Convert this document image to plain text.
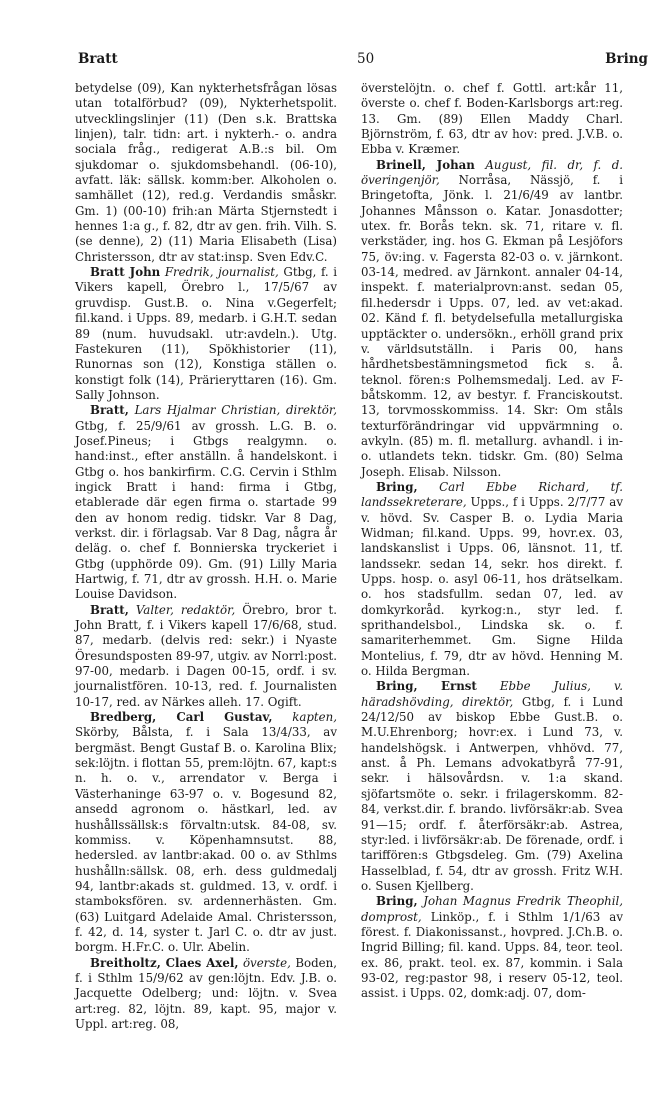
Bratt	50	Bring

betydelse (09), Kan nykterhetsfrågan lösas utan totalförbud? (09), Nykterhetspolit. utvecklingslinjer (11) (Den s.k. Brattska linjen), talr. tidn: art. i nykterh.- o. andra sociala fråg., redigerat A.B.:s bil. Om sjukdomar o. sjukdomsbehandl. (06-10), avfatt. läk: sällsk. komm:ber. Alkoholen o. samhället (12), red.g. Verdandis småskr. Gm. 1) (00-10) frih:an Märta Stjernstedt i hennes 1:a g., f. 82, dtr av gen. frih. Vilh. S. (se denne), 2) (11) Maria Elisabeth (Lisa) Christersson, dtr av stat:insp. Sven Edv.C.

Bratt John Fredrik, journalist, Gtbg, f. i Vikers kapell, Örebro l., 17/5/67 av gruvdisp. Gust.B. o. Nina v.Gegerfelt; fil.kand. i Upps. 89, medarb. i G.H.T. sedan 89 (num. huvudsakl. utr:avdeln.). Utg. Fastekuren (11), Spökhistorier (11), Runornas son (12), Konstiga ställen o. konstigt folk (14), Prärieryttaren (16). Gm. Sally Johnson.

Bratt, Lars Hjalmar Christian, direktör, Gtbg, f. 25/9/61 av grossh. L.G. B. o. Josef.Pineus; i Gtbgs realgymn. o. hand:inst., efter anställn. å handelskont. i Gtbg o. hos bankirfirm. C.G. Cervin i Sthlm ingick Bratt i hand: firma i Gtbg, etablerade där egen firma o. startade 99 den av honom redig. tidskr. Var 8 Dag, verkst. dir. i förlagsab. Var 8 Dag, några år deläg. o. chef f. Bonnierska tryckeriet i Gtbg (upphörde 09). Gm. (91) Lilly Maria Hartwig, f. 71, dtr av grossh. H.H. o. Marie Louise Davidson.

Bratt, Valter, redaktör, Örebro, bror t. John Bratt, f. i Vikers kapell 17/6/68, stud. 87, medarb. (delvis red: sekr.) i Nyaste Öresundsposten 89-97, utgiv. av Norrl:post. 97-00, medarb. i Dagen 00-15, ordf. i sv. journalistfören. 10-13, red. f. Journalisten 10-17, red. av Närkes alleh. 17. Ogift.

Bredberg, Carl Gustav, kapten, Skörby, Bålsta, f. i Sala 13/4/33, av bergmäst. Bengt Gustaf B. o. Karolina Blix; sek:löjtn. i flottan 55, prem:löjtn. 67, kapt:s n. h. o. v., arrendator v. Berga i Västerhaninge 63-97 o. v. Bogesund 82, ansedd agronom o. hästkarl, led. av hushållssällsk:s förvaltn:utsk. 84-08, sv. kommiss. v. Köpenhamnsutst. 88, hedersled. av lantbr:akad. 00 o. av Sthlms hushålln:sällsk. 08, erh. dess guldmedalj 94, lantbr:akads st. guldmed. 13, v. ordf. i stamboksfören. sv. ardennerhästen. Gm. (63) Luitgard Adelaide Amal. Christersson, f. 42, d. 14, syster t. Jarl C. o. dtr av just. borgm. H.Fr.C. o. Ulr. Abelin.

Breitholtz, Claes Axel, överste, Boden, f. i Sthlm 15/9/62 av gen:löjtn. Edv. J.B. o. Jacquette Odelberg; und: löjtn. v. Svea art:reg. 82, löjtn. 89, kapt. 95, major v. Uppl. art:reg. 08,

överstelöjtn. o. chef f. Gottl. art:kår 11, överste o. chef f. Boden-Karlsborgs art:reg. 13. Gm. (89) Ellen Maddy Charl. Björnström, f. 63, dtr av hov: pred. J.V.B. o. Ebba v. Kræmer.

Brinell, Johan August, fil. dr, f. d. överingenjör, Norråsa, Nässjö, f. i Bringetofta, Jönk. l. 21/6/49 av lantbr. Johannes Månsson o. Katar. Jonasdotter; utex. fr. Borås tekn. sk. 71, ritare v. fl. verkstäder, ing. hos G. Ekman på Lesjöfors 75, öv:ing. v. Fagersta 82-03 o. v. järnkont. 03-14, medred. av Järnkont. annaler 04-14, inspekt. f. materialprovn:anst. sedan 05, fil.hedersdr i Upps. 07, led. av vet:akad. 02. Känd f. fl. betydelsefulla metallurgiska upptäckter o. undersökn., erhöll grand prix v. världsutställn. i Paris 00, hans hårdhetsbestämningsmetod fick s. å. teknol. fören:s Polhemsmedalj. Led. av F-båtskomm. 12, av bestyr. f. Franciskoutst. 13, torvmosskommiss. 14. Skr: Om ståls texturförändringar vid uppvärmning o. avkyln. (85) m. fl. metallurg. avhandl. i in- o. utlandets tekn. tidskr. Gm. (80) Selma Joseph. Elisab. Nilsson.

Bring, Carl Ebbe Richard, tf. landssekreterare, Upps., f i Upps. 2/7/77 av v. hövd. Sv. Casper B. o. Lydia Maria Widman; fil.kand. Upps. 99, hovr.ex. 03, landskanslist i Upps. 06, länsnot. 11, tf. landssekr. sedan 14, sekr. hos direkt. f. Upps. hosp. o. asyl 06-11, hos drätselkam. o. hos stadsfullm. sedan 07, led. av domkyrkoråd. kyrkog:n., styr led. f. sprithandelsbol., Lindska sk. o. f. samariterhemmet. Gm. Signe Hilda Montelius, f. 79, dtr av hövd. Henning M. o. Hilda Bergman.

Bring, Ernst Ebbe Julius, v. häradshövding, direktör, Gtbg, f. i Lund 24/12/50 av biskop Ebbe Gust.B. o. M.U.Ehrenborg; hovr:ex. i Lund 73, v. handelshögsk. i Antwerpen, vhhövd. 77, anst. å Ph. Lemans advokatbyrå 77-91, sekr. i hälsovårdsn. v. 1:a skand. sjöfartsmöte o. sekr. i frilagerskomm. 82-84, verkst.dir. f. brando. livförsäkr:ab. Svea 91—15; ordf. f. återförsäkr:ab. Astrea, styr:led. i livförsäkr:ab. De förenade, ordf. i tariffören:s Gtbgsdeleg. Gm. (79) Axelina Hasselblad, f. 54, dtr av grossh. Fritz W.H. o. Susen Kjellberg.

Bring, Johan Magnus Fredrik Theophil, domprost, Linköp., f. i Sthlm 1/1/63 av förest. f. Diakonissanst., hovpred. J.Ch.B. o. Ingrid Billing; fil. kand. Upps. 84, teor. teol. ex. 86, prakt. teol. ex. 87, kommin. i Sala 93-02, reg:pastor 98, i reserv 05-12, teol. assist. i Upps. 02, domk:adj. 07, dom-
